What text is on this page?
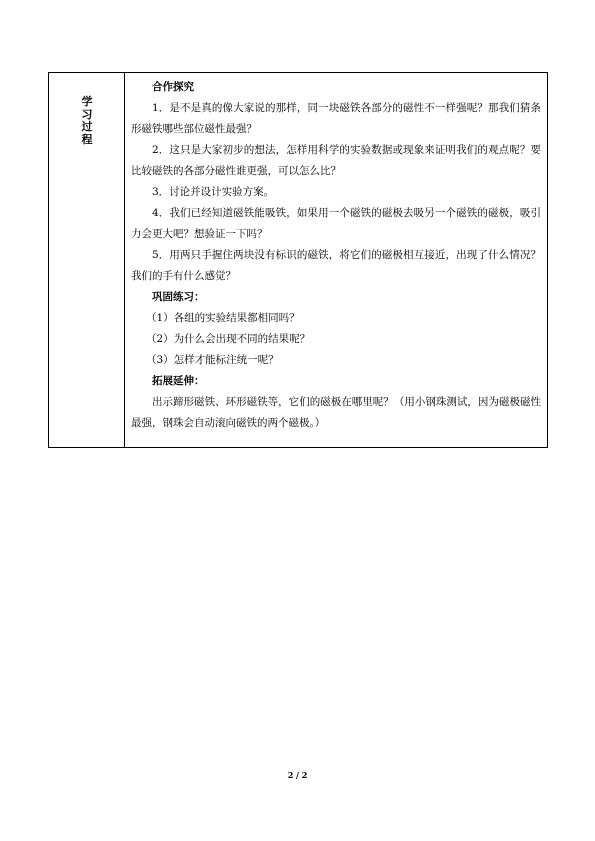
学
习
过
程
合作探究

1．是不是真的像大家说的那样，同一块磁铁各部分的磁性不一样强呢？那我们猜条形磁铁哪些部位磁性最强？

2．这只是大家初步的想法，怎样用科学的实验数据或现象来证明我们的观点呢？要比较磁铁的各部分磁性谁更强，可以怎么比？

3．讨论并设计实验方案。

4．我们已经知道磁铁能吸铁，如果用一个磁铁的磁极去吸另一个磁铁的磁极，吸引力会更大吧？想验证一下吗？

5．用两只手握住两块没有标识的磁铁，将它们的磁极相互接近，出现了什么情况？我们的手有什么感觉？

巩固练习：

（1）各组的实验结果都相同吗？

（2）为什么会出现不同的结果呢？

（3）怎样才能标注统一呢？

拓展延伸：

出示蹄形磁铁、环形磁铁等，它们的磁极在哪里呢？（用小钢珠测试，因为磁极磁性最强，钢珠会自动滚向磁铁的两个磁极。）

2 / 2
